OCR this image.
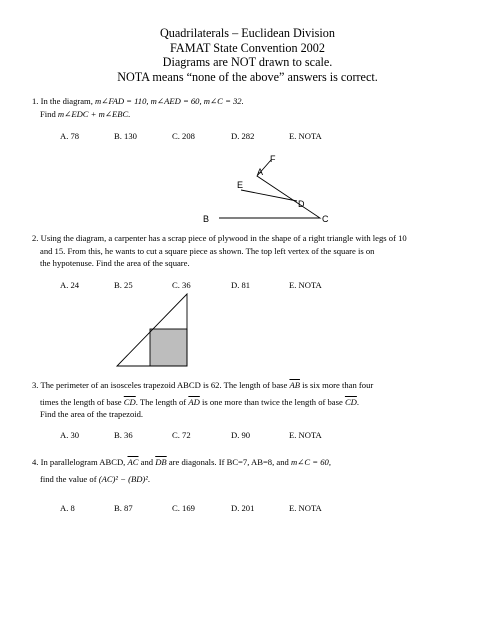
Quadrilaterals – Euclidean Division
FAMAT State Convention 2002
Diagrams are NOT drawn to scale.
NOTA means “none of the above” answers is correct.
1. In the diagram, m∠FAD = 110, m∠AED = 60, m∠C = 32.
Find m∠EDC + m∠EBC.
A. 78	B. 130	C. 208	D. 282	E. NOTA
F
A
E
D
B	C
2. Using the diagram, a carpenter has a scrap piece of plywood in the shape of a right triangle with legs of 10
and 15. From this, he wants to cut a square piece as shown. The top left vertex of the square is on
the hypotenuse. Find the area of the square.
A. 24	B. 25	C. 36	D. 81	E. NOTA
3. The perimeter of an isosceles trapezoid ABCD is 62. The length of base $\overline{AB}$ is six more than four
times the length of base $\overline{CD}$. The length of $\overline{AD}$ is one more than twice the length of base $\overline{CD}$.
Find the area of the trapezoid.
A. 30	B. 36	C. 72	D. 90	E. NOTA
4. In parallelogram ABCD, $\overline{AC}$ and $\overline{DB}$ are diagonals. If BC=7, AB=8, and m∠C = 60,
find the value of (AC)² − (BD)².
A. 8	B. 87	C. 169	D. 201	E. NOTA
